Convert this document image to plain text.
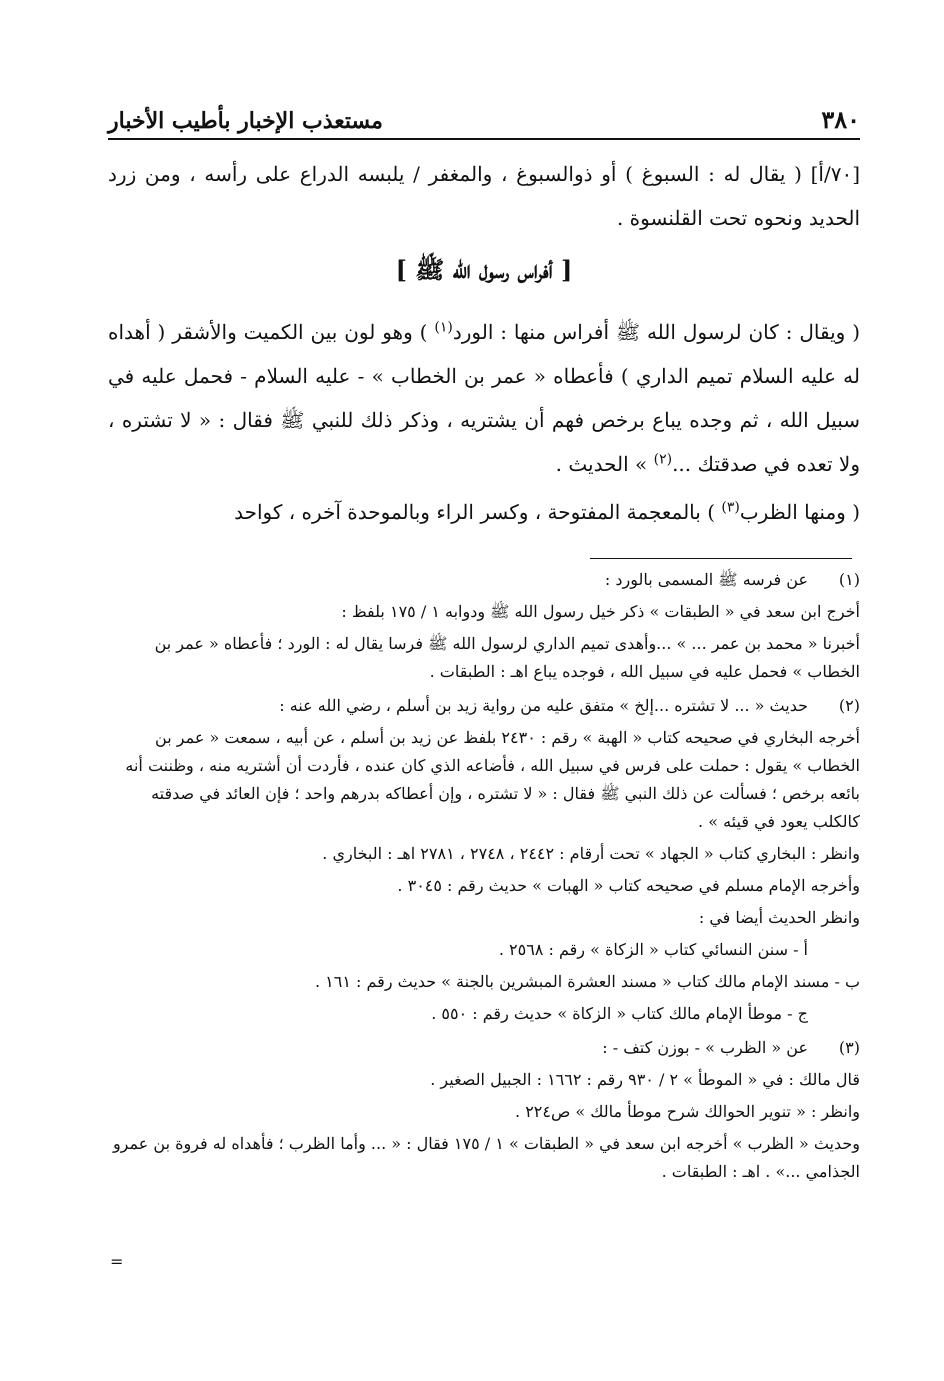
٣٨٠
مستعذب الإخبار بأطيب الأخبار
[٧٠/أ] ( يقال له : السبوغ ) أو ذوالسبوغ ، والمغفر / يلبسه الدراع على رأسه ، ومن زرد الحديد ونحوه تحت القلنسوة .
[ أفراس رسول الله ﷺ ]
( ويقال : كان لرسول الله ﷺ أفراس منها : الورد$^{(١)}$ ) وهو لون بين الكميت والأشقر ( أهداه له عليه السلام تميم الداري ) فأعطاه « عمر بن الخطاب » - عليه السلام - فحمل عليه في سبيل الله ، ثم وجده يباع برخص فهم أن يشتريه ، وذكر ذلك للنبي ﷺ فقال : « لا تشتره ، ولا تعده في صدقتك ...$^{(٢)}$ » الحديث .
( ومنها الظرب$^{(٣)}$ ) بالمعجمة المفتوحة ، وكسر الراء وبالموحدة آخره ، كواحد
(١)
عن فرسه ﷺ المسمى بالورد :
أخرج ابن سعد في « الطبقات » ذكر خيل رسول الله ﷺ ودوابه ١ / ١٧٥ بلفظ :
أخبرنا « محمد بن عمر ... » ...وأهدى تميم الداري لرسول الله ﷺ فرسا يقال له : الورد ؛ فأعطاه « عمر بن الخطاب » فحمل عليه في سبيل الله ، فوجده يباع اهـ : الطبقات .
(٢)
حديث « ... لا تشتره ...إلخ » متفق عليه من رواية زيد بن أسلم ، رضي الله عنه :
أخرجه البخاري في صحيحه كتاب « الهبة » رقم : ٢٤٣٠ بلفظ عن زيد بن أسلم ، عن أبيه ، سمعت « عمر بن الخطاب » يقول : حملت على فرس في سبيل الله ، فأضاعه الذي كان عنده ، فأردت أن أشتريه منه ، وظننت أنه بائعه برخص ؛ فسألت عن ذلك النبي ﷺ فقال : « لا تشتره ، وإن أعطاكه بدرهم واحد ؛ فإن العائد في صدقته كالكلب يعود في قيئه » .
وانظر : البخاري كتاب « الجهاد » تحت أرقام : ٢٤٤٢ ، ٢٧٤٨ ، ٢٧٨١ اهـ : البخاري .
وأخرجه الإمام مسلم في صحيحه كتاب « الهبات » حديث رقم : ٣٠٤٥ .
وانظر الحديث أيضا في :
أ - سنن النسائي كتاب « الزكاة » رقم : ٢٥٦٨ .
ب - مسند الإمام مالك كتاب « مسند العشرة المبشرين بالجنة » حديث رقم : ١٦١ .
ج - موطأ الإمام مالك كتاب « الزكاة » حديث رقم : ٥٥٠ .
(٣)
عن « الظرب » - بوزن كتف - :
قال مالك : في « الموطأ » ٢ / ٩٣٠ رقم : ١٦٦٢ : الجبيل الصغير .
وانظر : « تنوير الحوالك شرح موطأ مالك » ص٢٢٤ .
وحديث « الظرب » أخرجه ابن سعد في « الطبقات » ١ / ١٧٥ فقال : « ... وأما الظرب ؛ فأهداه له فروة بن عمرو الجذامي ...» . اهـ : الطبقات .
=
